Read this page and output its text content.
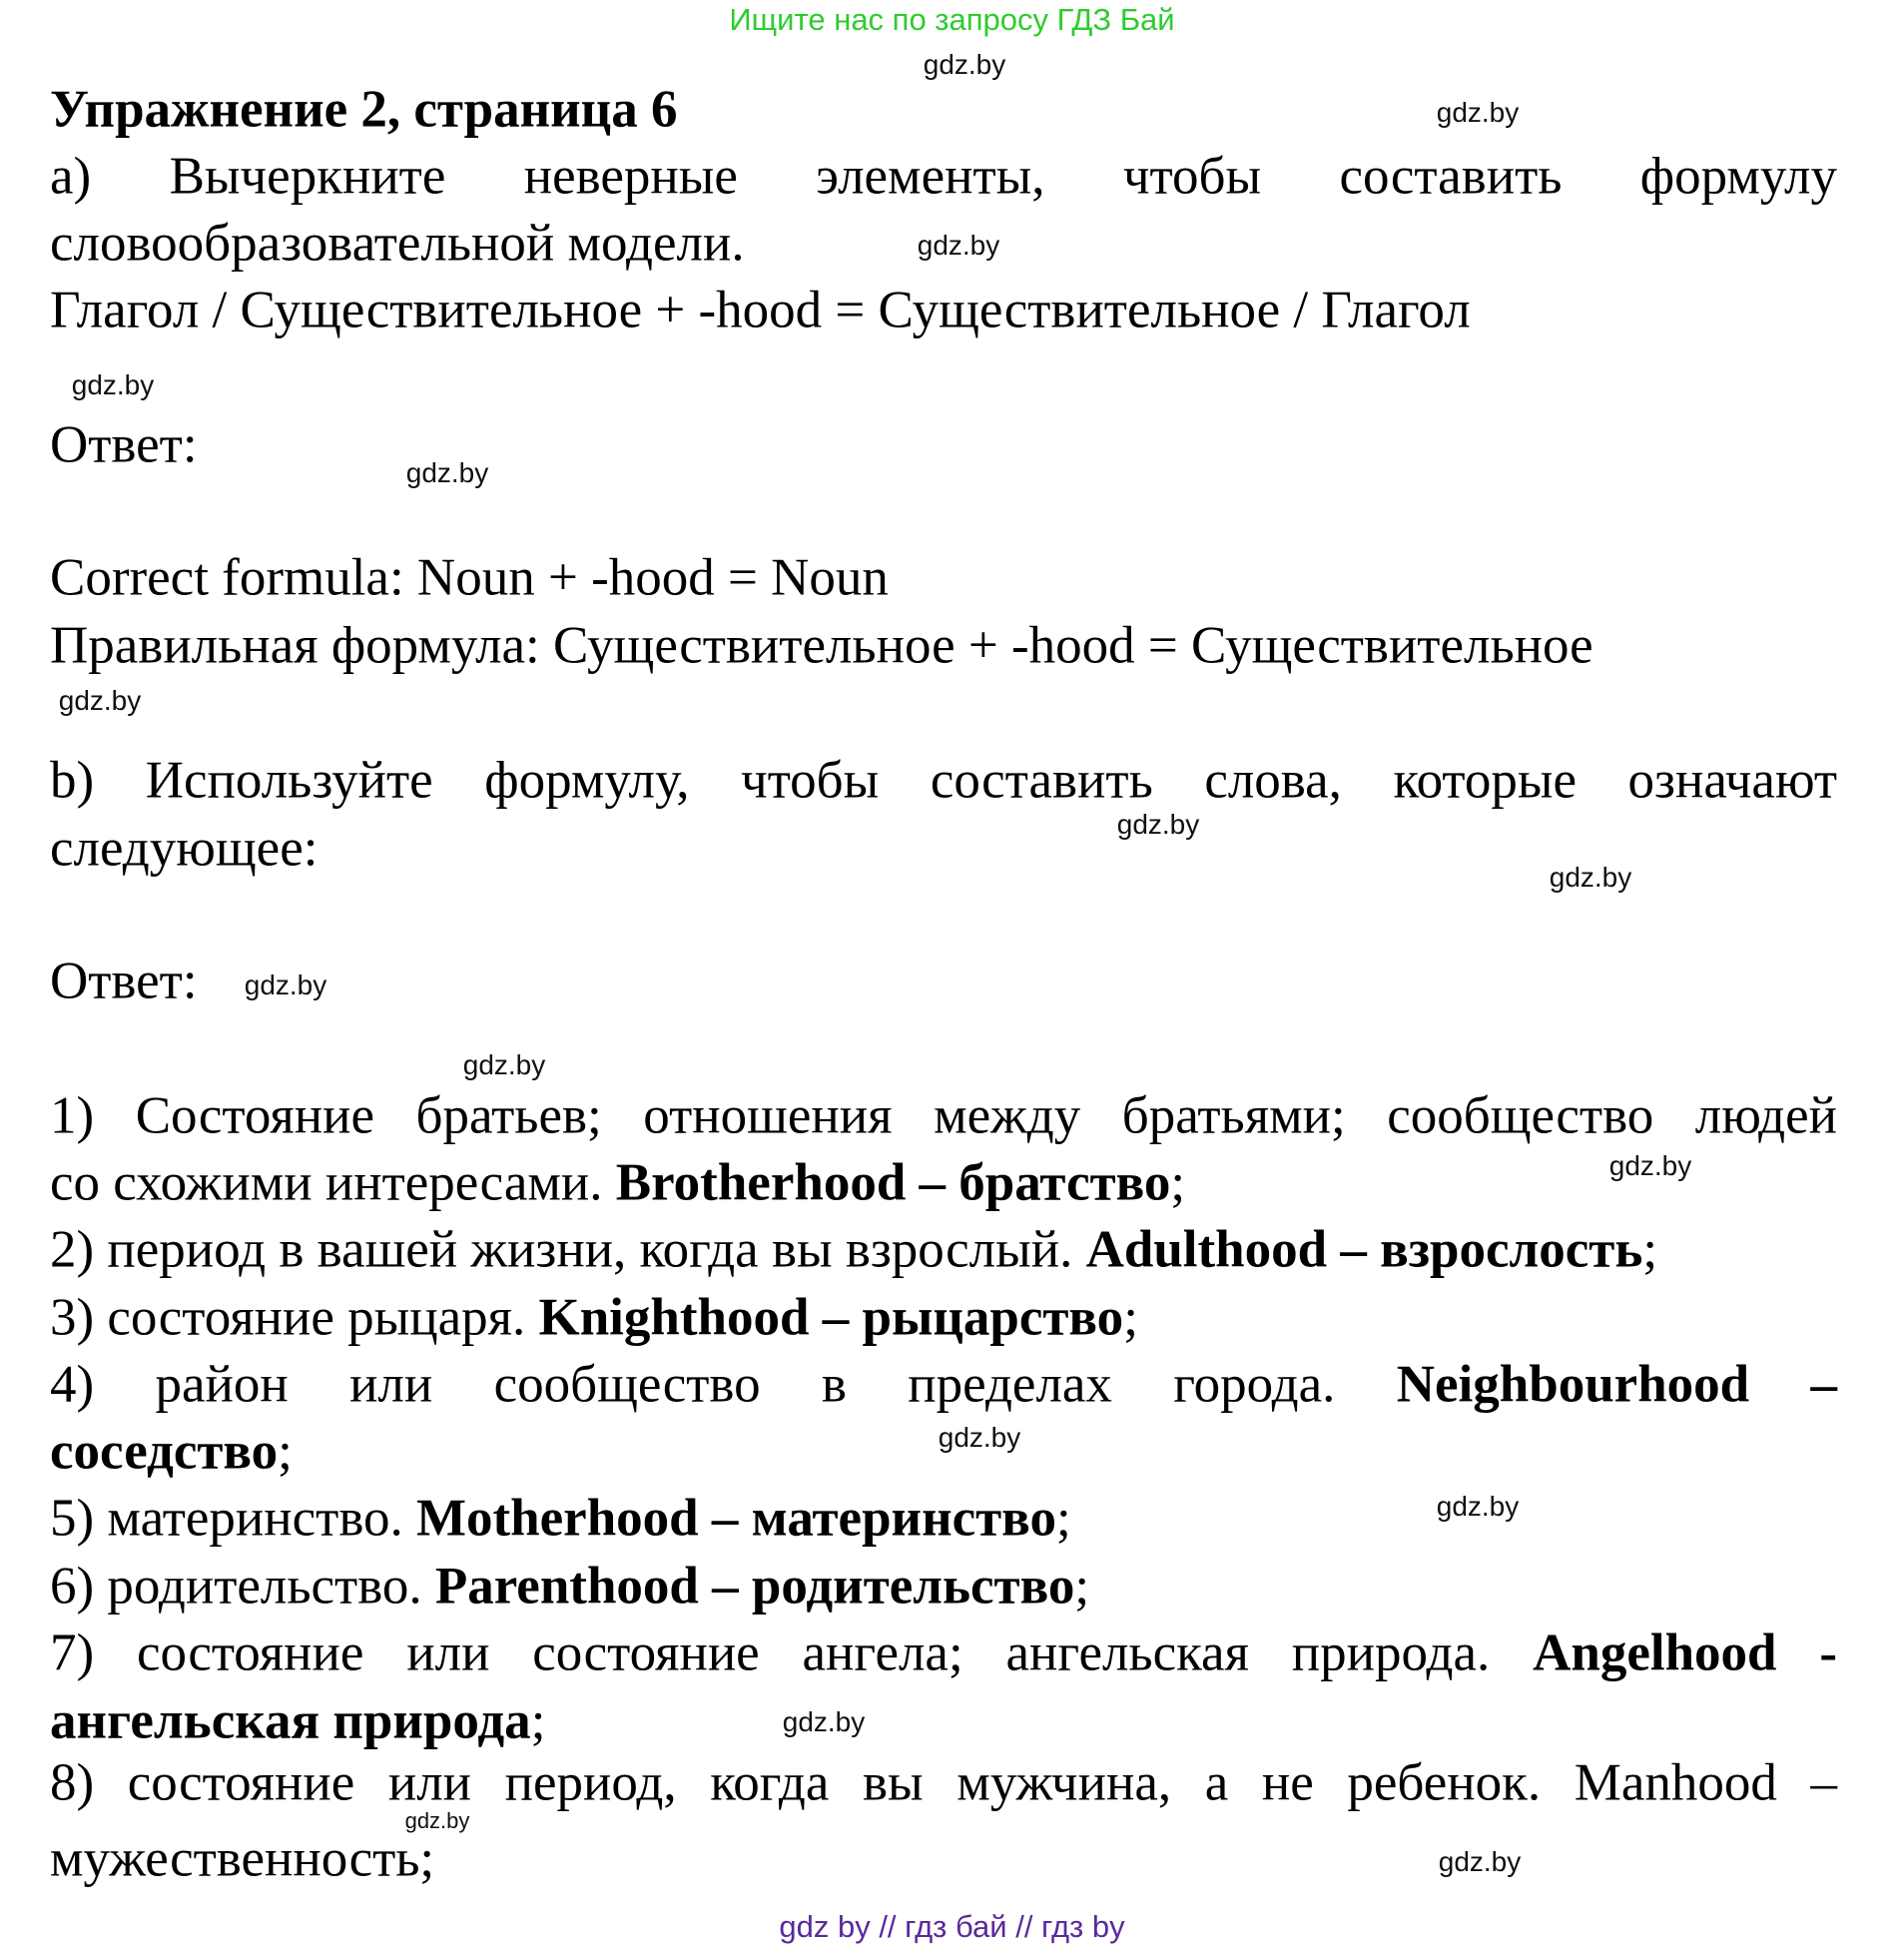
Ищите нас по запросу ГДЗ Бай
Упражнение 2, страница 6
а) Вычеркните неверные элементы, чтобы составить формулу
словообразовательной модели.
Глагол / Существительное + -hood = Существительное / Глагол
Ответ:
Correct formula: Noun + -hood = Noun
Правильная формула: Существительное + -hood = Существительное
b) Используйте формулу, чтобы составить слова, которые означают
следующее:
Ответ:
1) Состояние братьев; отношения между братьями; сообщество людей
со схожими интересами. Brotherhood – братство;
2) период в вашей жизни, когда вы взрослый. Adulthood – взрослость;
3) состояние рыцаря. Knighthood – рыцарство;
4) район или сообщество в пределах города. Neighbourhood –
соседство;
5) материнство. Motherhood – материнство;
6) родительство. Parenthood – родительство;
7) состояние или состояние ангела; ангельская природа. Angelhood -
ангельская природа;
8) состояние или период, когда вы мужчина, а не ребенок. Manhood –
мужественность;
gdz.by
gdz.by
gdz.by
gdz.by
gdz.by
gdz.by
gdz.by
gdz.by
gdz.by
gdz.by
gdz.by
gdz.by
gdz.by
gdz.by
gdz.by
gdz.by
gdz by // гдз бай // гдз by
